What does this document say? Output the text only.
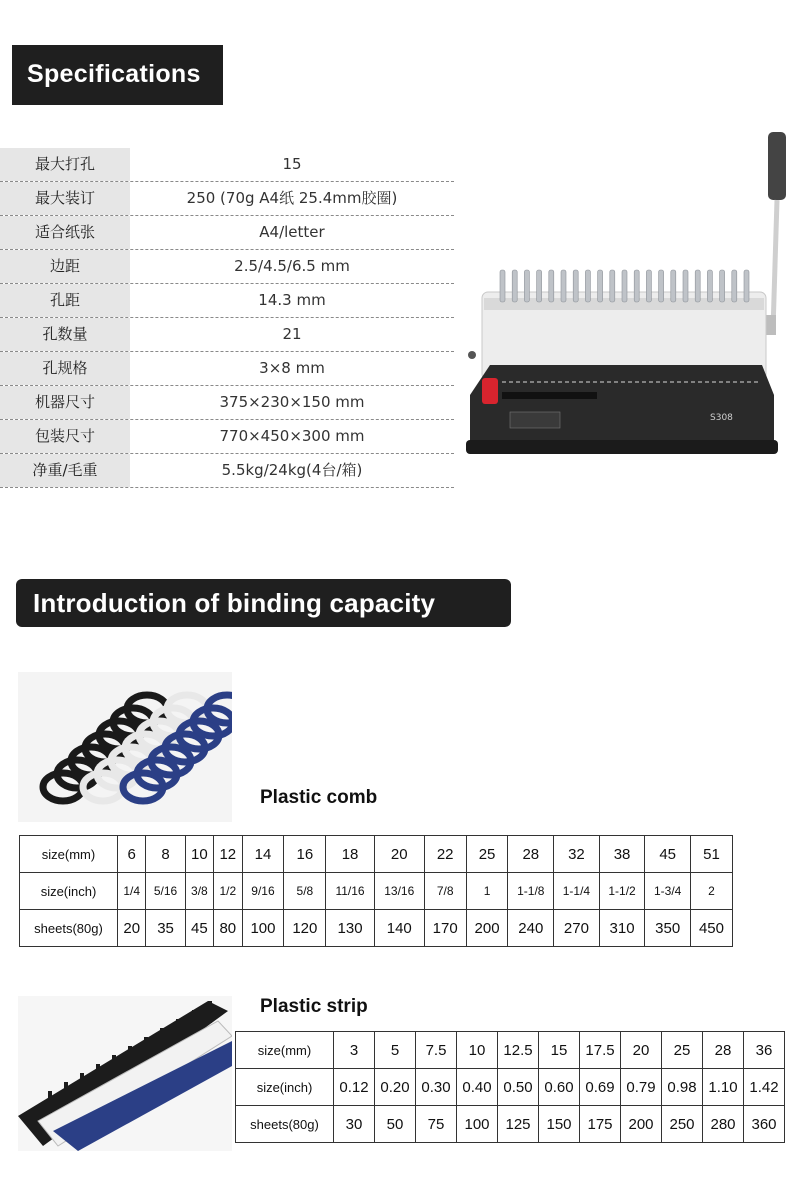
Specifications
最大打孔	15
最大装订	250 (70g A4纸 25.4mm胶圈)
适合纸张	A4/letter
边距	2.5/4.5/6.5 mm
孔距	14.3 mm
孔数量	21
孔规格	3×8 mm
机器尺寸	375×230×150 mm
包装尺寸	770×450×300 mm
净重/毛重	5.5kg/24kg(4台/箱)
S308
Introduction of binding capacity
Plastic comb
size(mm)	6	8	10	12	14	16	18	20	22	25	28	32	38	45	51
size(inch)	1/4	5/16	3/8	1/2	9/16	5/8	11/16	13/16	7/8	1	1-1/8	1-1/4	1-1/2	1-3/4	2
sheets(80g)	20	35	45	80	100	120	130	140	170	200	240	270	310	350	450
Plastic strip
size(mm)	3	5	7.5	10	12.5	15	17.5	20	25	28	36
size(inch)	0.12	0.20	0.30	0.40	0.50	0.60	0.69	0.79	0.98	1.10	1.42
sheets(80g)	30	50	75	100	125	150	175	200	250	280	360
